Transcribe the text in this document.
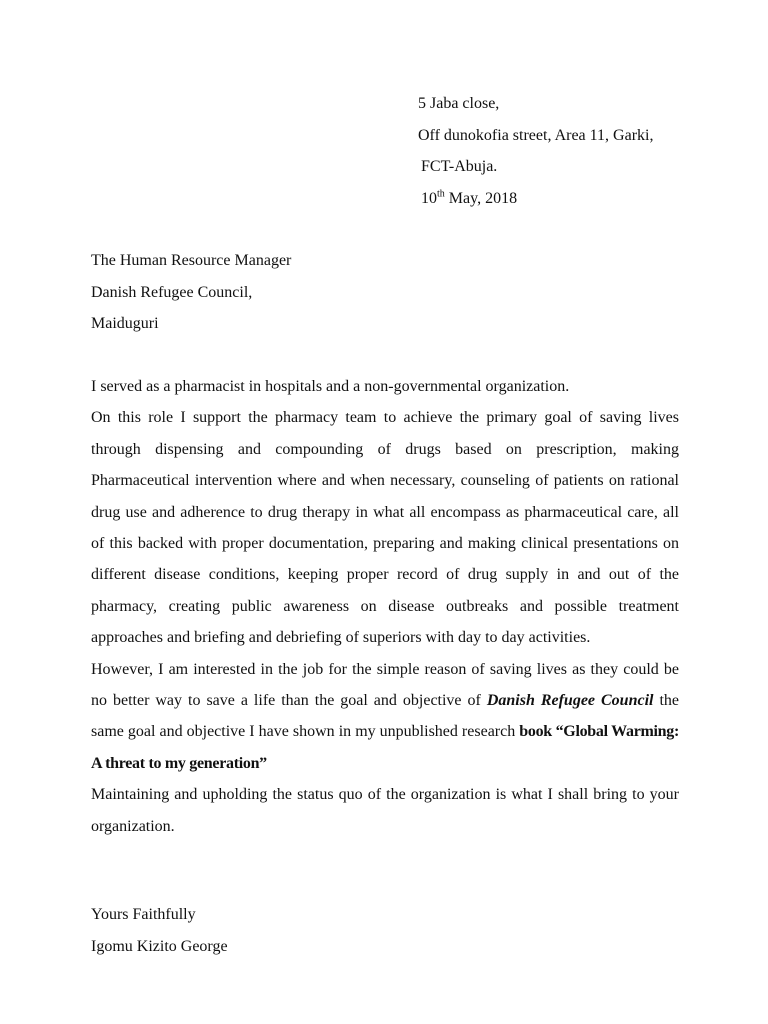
5 Jaba close,
Off dunokofia street, Area 11, Garki,
FCT-Abuja.
10th May, 2018
The Human Resource Manager
Danish Refugee Council,
Maiduguri

I served as a pharmacist in hospitals and a non-governmental organization.

On this role I support the pharmacy team to achieve the primary goal of saving lives through dispensing and compounding of drugs based on prescription, making Pharmaceutical intervention where and when necessary, counseling of patients on rational drug use and adherence to drug therapy in what all encompass as pharmaceutical care, all of this backed with proper documentation, preparing and making clinical presentations on different disease conditions, keeping proper record of drug supply in and out of the pharmacy, creating public awareness on disease outbreaks and possible treatment approaches and briefing and debriefing of superiors with day to day activities.

However, I am interested in the job for the simple reason of saving lives as they could be no better way to save a life than the goal and objective of Danish Refugee Council the same goal and objective I have shown in my unpublished research book “Global Warming: A threat to my generation”

Maintaining and upholding the status quo of the organization is what I shall bring to your organization.

Yours Faithfully
Igomu Kizito George
